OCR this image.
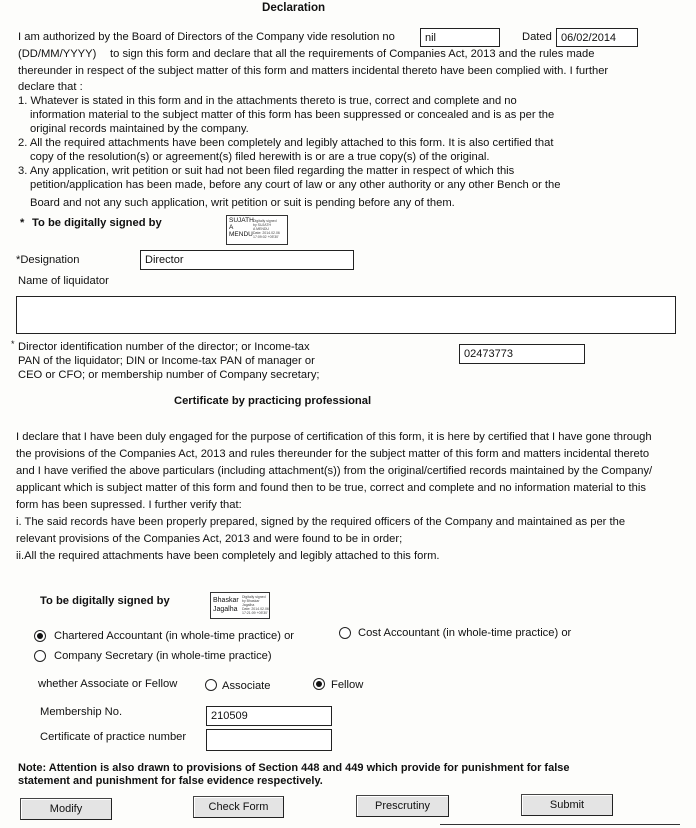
Declaration
I am authorized by the Board of Directors of the Company vide resolution no	nil	Dated 06/02/2014
(DD/MM/YYYY) to sign this form and declare that all the requirements of Companies Act, 2013 and the rules made
thereunder in respect of the subject matter of this form and matters incidental thereto have been complied with. I further
declare that :
1. Whatever is stated in this form and in the attachments thereto is true, correct and complete and no
information material to the subject matter of this form has been suppressed or concealed and is as per the
original records maintained by the company.
2. All the required attachments have been completely and legibly attached to this form. It is also certified that
copy of the resolution(s) or agreement(s) filed herewith is or are a true copy(s) of the original.
3. Any application, writ petition or suit had not been filed regarding the matter in respect of which this
petition/application has been made, before any court of law or any other authority or any other Bench or the
Board and not any such application, writ petition or suit is pending before any of them.
* To be digitally signed by	SUJATH
A
MENDU
Digitally signed
by SUJATH
A MENDU
Date: 2014.02.06
17:09:02 +05'30'
*Designation	Director
Name of liquidator
* Director identification number of the director; or Income-tax
PAN of the liquidator; DIN or Income-tax PAN of manager or
CEO or CFO; or membership number of Company secretary;
02473773
Certificate by practicing professional
I declare that I have been duly engaged for the purpose of certification of this form, it is here by certified that I have gone through
the provisions of the Companies Act, 2013 and rules thereunder for the subject matter of this form and matters incidental thereto
and I have verified the above particulars (including attachment(s)) from the original/certified records maintained by the Company/
applicant which is subject matter of this form and found then to be true, correct and complete and no information material to this
form has been supressed. I further verify that:
i. The said records have been properly prepared, signed by the required officers of the Company and maintained as per the
relevant provisions of the Companies Act, 2013 and were found to be in order;
ii.All the required attachments have been completely and legibly attached to this form.
To be digitally signed by	Bhaskar
Jagalha
Digitally signed
by Bhaskar
Jagalha
Date: 2014.02.06
17:21:09 +05'30'
Chartered Accountant (in whole-time practice) or	Cost Accountant (in whole-time practice) or
Company Secretary (in whole-time practice)
whether Associate or Fellow	Associate	Fellow
Membership No.	210509
Certificate of practice number
Note: Attention is also drawn to provisions of Section 448 and 449 which provide for punishment for false
statement and punishment for false evidence respectively.
Modify	Check Form	Prescrutiny	Submit
